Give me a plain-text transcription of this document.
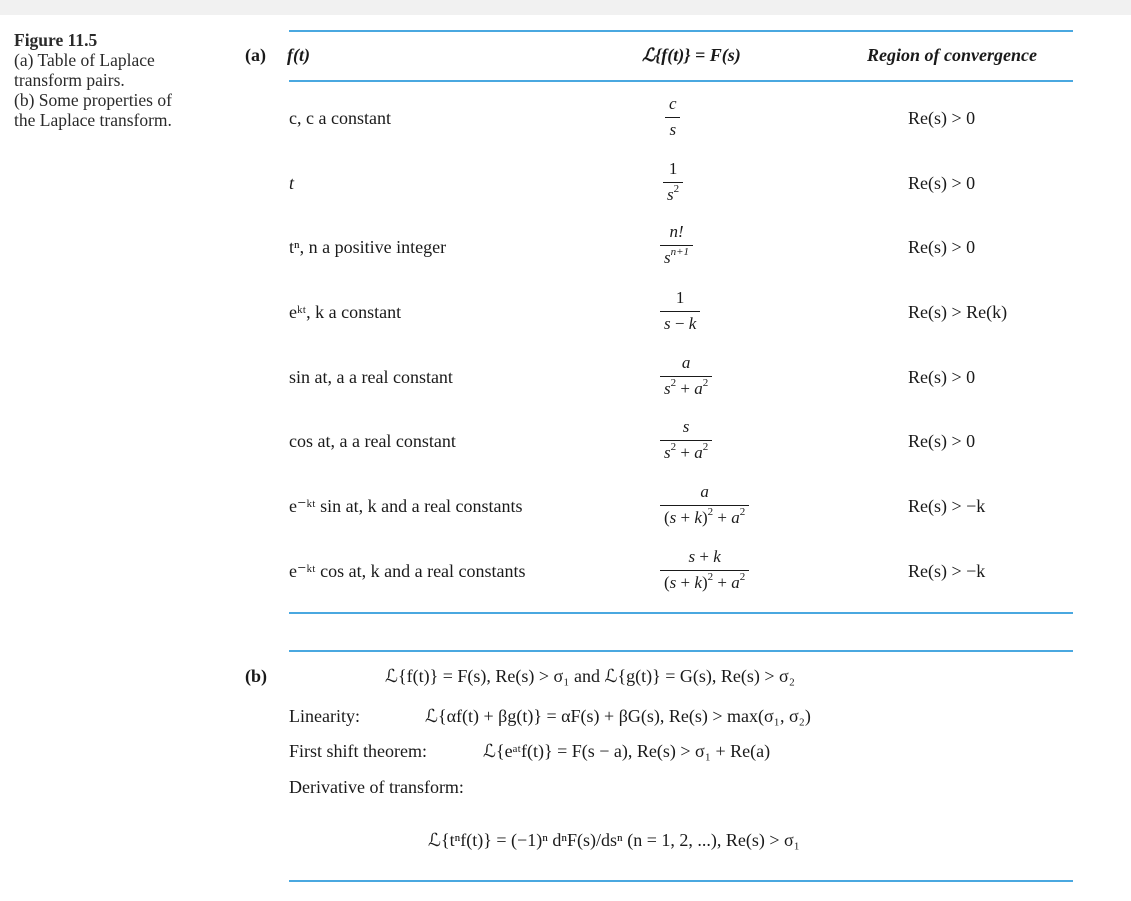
Figure 11.5
(a) Table of Laplace
transform pairs.
(b) Some properties of
the Laplace transform.
(a) f(t)	ℒ{f(t)} = F(s)	Region of convergence
c, c a constant	$\frac{c}{s}$	Re(s) > 0
t	$\frac{1}{s^2}$	Re(s) > 0
tⁿ, n a positive integer	$\frac{n!}{s^{n+1}}$	Re(s) > 0
eᵏᵗ, k a constant	$\frac{1}{s - k}$	Re(s) > Re(k)
sin at, a a real constant	$\frac{a}{s^2 + a^2}$	Re(s) > 0
cos at, a a real constant	$\frac{s}{s^2 + a^2}$	Re(s) > 0
e⁻ᵏᵗ sin at, k and a real constants	$\frac{a}{(s + k)^2 + a^2}$	Re(s) > −k
e⁻ᵏᵗ cos at, k and a real constants	$\frac{s + k}{(s + k)^2 + a^2}$	Re(s) > −k
(b)	ℒ{f(t)} = F(s), Re(s) > σ₁ and ℒ{g(t)} = G(s), Re(s) > σ₂
Linearity:	ℒ{αf(t) + βg(t)} = αF(s) + βG(s), Re(s) > max(σ₁, σ₂)
First shift theorem:	ℒ{eᵃᵗf(t)} = F(s − a), Re(s) > σ₁ + Re(a)
Derivative of transform:
ℒ{tⁿf(t)} = (−1)ⁿ dⁿF(s)/dsⁿ (n = 1, 2, ...), Re(s) > σ₁
